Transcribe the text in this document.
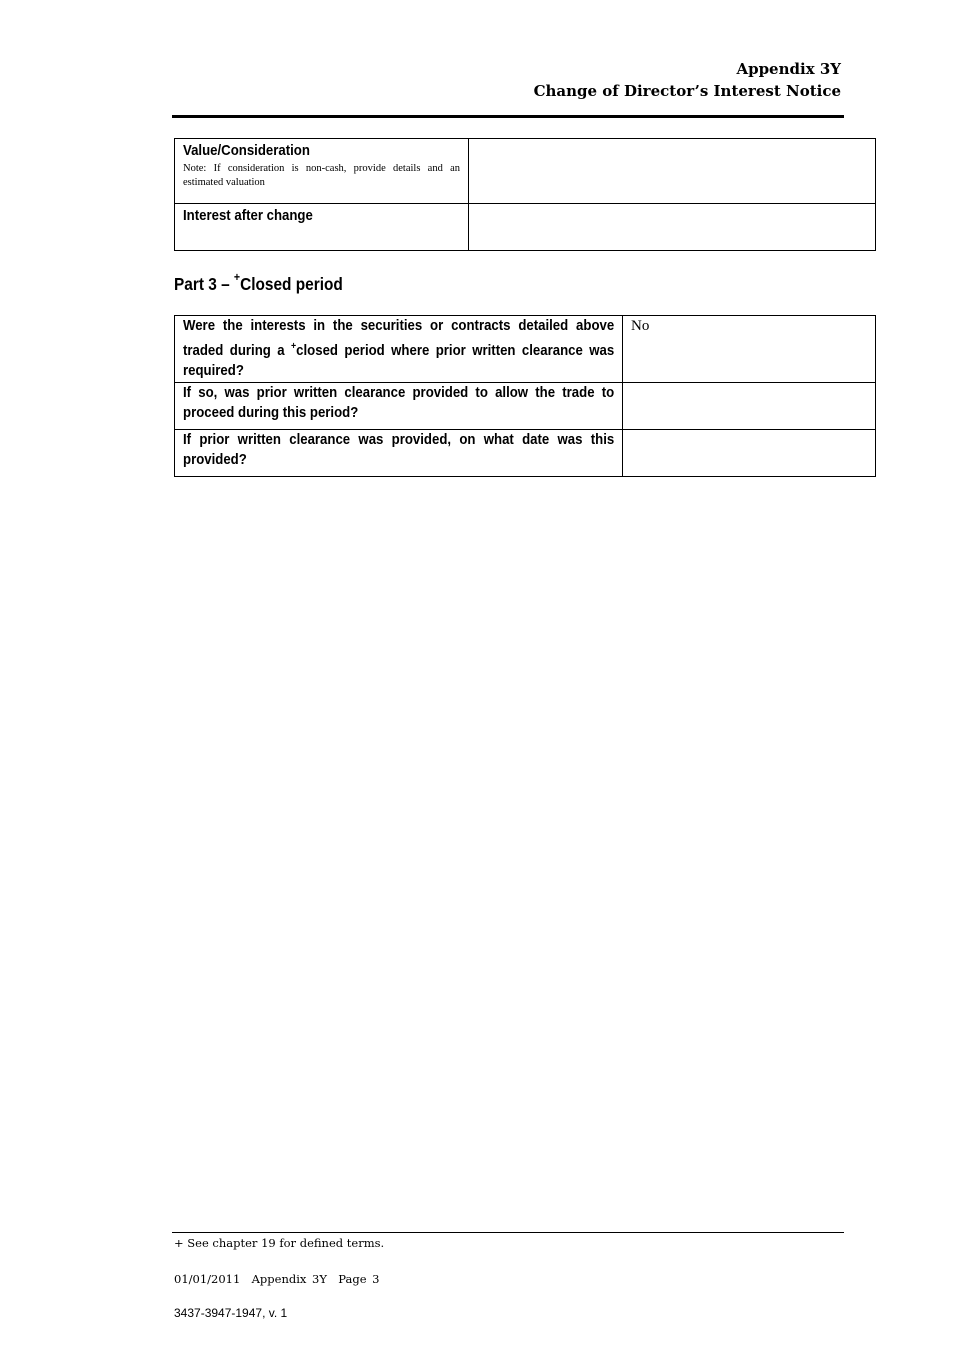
Appendix 3Y
Change of Director’s Interest Notice
Value/Consideration
Note: If consideration is non-cash, provide details and an estimated valuation	

Interest after change	

Part 3 – +Closed period
Were the interests in the securities or contracts detailed above traded during a +closed period where prior written clearance was required?	No

If so, was prior written clearance provided to allow the trade to proceed during this period?	

If prior written clearance was provided, on what date was this provided?	

+ See chapter 19 for defined terms.
01/01/2011 Appendix 3Y Page 3
3437-3947-1947, v. 1
